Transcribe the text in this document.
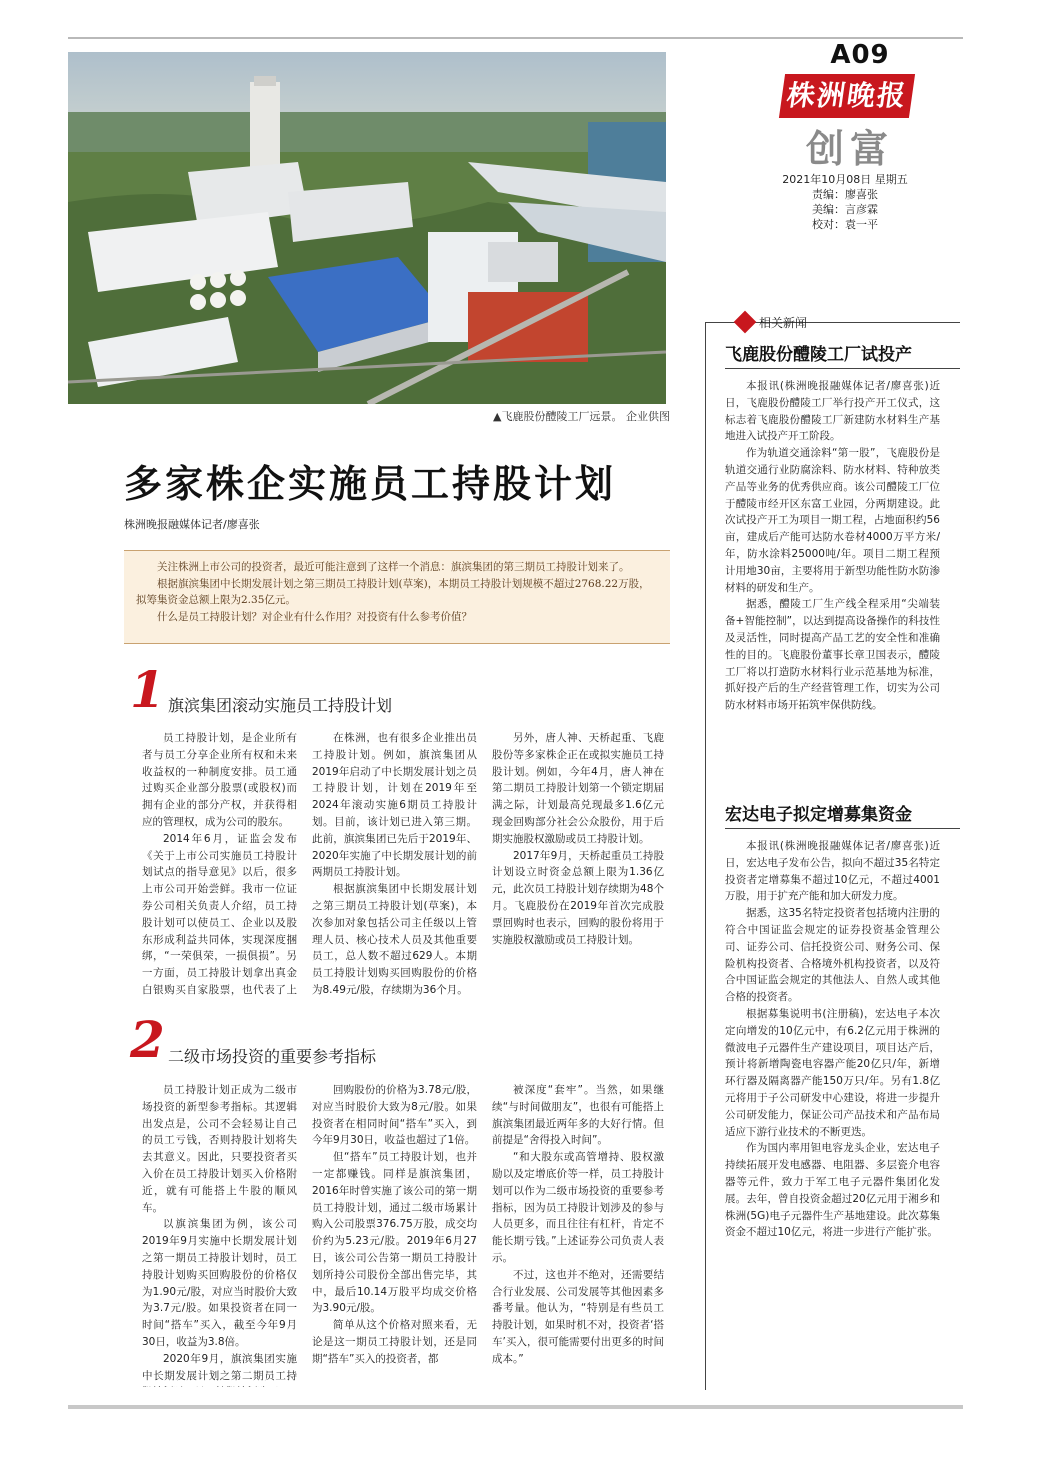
A09
株洲晚报
创富
2021年10月08日 星期五
责编：廖喜张
美编：言彦霖
校对：袁一平
▲飞鹿股份醴陵工厂远景。 企业供图
多家株企实施员工持股计划
株洲晚报融媒体记者/廖喜张

关注株洲上市公司的投资者，最近可能注意到了这样一个消息：旗滨集团的第三期员工持股计划来了。

根据旗滨集团中长期发展计划之第三期员工持股计划(草案)，本期员工持股计划规模不超过2768.22万股，拟筹集资金总额上限为2.35亿元。

什么是员工持股计划？对企业有什么作用？对投资有什么参考价值？

1 旗滨集团滚动实施员工持股计划

员工持股计划，是企业所有者与员工分享企业所有权和未来收益权的一种制度安排。员工通过购买企业部分股票(或股权)而拥有企业的部分产权，并获得相应的管理权，成为公司的股东。

2014年6月，证监会发布《关于上市公司实施员工持股计划试点的指导意见》以后，很多上市公司开始尝鲜。我市一位证券公司相关负责人介绍，员工持股计划可以使员工、企业以及股东形成利益共同体，实现深度捆绑，“一荣俱荣，一损俱损”。另一方面，员工持股计划拿出真金白银购买自家股票，也代表了上

在株洲，也有很多企业推出员工持股计划。例如，旗滨集团从2019年启动了中长期发展计划之员工持股计划，计划在2019年至2024年滚动实施6期员工持股计划。目前，该计划已进入第三期。此前，旗滨集团已先后于2019年、2020年实施了中长期发展计划的前两期员工持股计划。

根据旗滨集团中长期发展计划之第三期员工持股计划(草案)，本次参加对象包括公司主任级以上管理人员、核心技术人员及其他重要员工，总人数不超过629人。本期员工持股计划购买回购股份的价格为8.49元/股，存续期为36个月。

另外，唐人神、天桥起重、飞鹿股份等多家株企正在或拟实施员工持股计划。例如，今年4月，唐人神在第二期员工持股计划第一个锁定期届满之际，计划最高兑现最多1.6亿元现金回购部分社会公众股份，用于后期实施股权激励或员工持股计划。

2017年9月，天桥起重员工持股计划设立时资金总额上限为1.36亿元，此次员工持股计划存续期为48个月。飞鹿股份在2019年首次完成股票回购时也表示，回购的股份将用于实施股权激励或员工持股计划。

2 二级市场投资的重要参考指标

员工持股计划正成为二级市场投资的新型参考指标。其逻辑出发点是，公司不会轻易让自己的员工亏钱，否则持股计划将失去其意义。因此，只要投资者买入价在员工持股计划买入价格附近，就有可能搭上牛股的顺风车。

以旗滨集团为例，该公司2019年9月实施中长期发展计划之第一期员工持股计划时，员工持股计划购买回购股份的价格仅为1.90元/股，对应当时股价大致为3.7元/股。如果投资者在同一时间“搭车”买入，截至今年9月30日，收益为3.8倍。

2020年9月，旗滨集团实施中长期发展计划之第二期员工持

回购股份的价格为3.78元/股，对应当时股价大致为8元/股。如果投资者在相同时间“搭车”买入，到今年9月30日，收益也超过了1倍。

但“搭车”员工持股计划，也并一定都赚钱。同样是旗滨集团，2016年时曾实施了该公司的第一期员工持股计划，通过二级市场累计购入公司股票376.75万股，成交均价约为5.23元/股。2019年6月27日，该公司公告第一期员工持股计划所持公司股份全部出售完毕，其中，最后10.14万股平均成交价格为3.90元/股。

简单从这个价格对照来看，无论是这一期员工持股计划，还是同期“搭车”买入的投资者，都

被深度“套牢”。当然，如果继续“与时间做朋友”，也很有可能搭上旗滨集团最近两年多的大好行情。但前提是“舍得投入时间”。

“和大股东或高管增持、股权激励以及定增底价等一样，员工持股计划可以作为二级市场投资的重要参考指标，因为员工持股计划涉及的参与人员更多，而且往往有杠杆，肯定不能长期亏钱。”上述证券公司负责人表示。

不过，这也并不绝对，还需要结合行业发展、公司发展等其他因素多番考量。他认为，“特别是有些员工持股计划，如果时机不对，投资者‘搭车’买入，很可能需要付出更多的时间成本。”

相关新闻
飞鹿股份醴陵工厂试投产

本报讯(株洲晚报融媒体记者/廖喜张)近日，飞鹿股份醴陵工厂举行投产开工仪式，这标志着飞鹿股份醴陵工厂新建防水材料生产基地进入试投产开工阶段。

作为轨道交通涂料“第一股”，飞鹿股份是轨道交通行业防腐涂料、防水材料、特种放类产品等业务的优秀供应商。该公司醴陵工厂位于醴陵市经开区东富工业园，分两期建设。此次试投产开工为项目一期工程，占地面积约56亩，建成后产能可达防水卷材4000万平方米/年，防水涂料25000吨/年。项目二期工程预计用地30亩，主要将用于新型功能性防水防渗材料的研发和生产。

据悉，醴陵工厂生产线全程采用“尖端装备+智能控制”，以达到提高设备操作的科技性及灵活性，同时提高产品工艺的安全性和准确性的目的。飞鹿股份董事长章卫国表示，醴陵工厂将以打造防水材料行业示范基地为标准，抓好投产后的生产经营管理工作，切实为公司防水材料市场开拓筑牢保供防线。

宏达电子拟定增募集资金

本报讯(株洲晚报融媒体记者/廖喜张)近日，宏达电子发布公告，拟向不超过35名特定投资者定增募集不超过10亿元，不超过4001万股，用于扩充产能和加大研发力度。

据悉，这35名特定投资者包括境内注册的符合中国证监会规定的证券投资基金管理公司、证券公司、信托投资公司、财务公司、保险机构投资者、合格境外机构投资者，以及符合中国证监会规定的其他法人、自然人或其他合格的投资者。

根据募集说明书(注册稿)，宏达电子本次定向增发的10亿元中，有6.2亿元用于株洲的微波电子元器件生产建设项目，项目达产后，预计将新增陶瓷电容器产能20亿只/年，新增环行器及隔离器产能150万只/年。另有1.8亿元将用于子公司研发中心建设，将进一步提升公司研发能力，保证公司产品技术和产品布局适应下游行业技术的不断更迭。

作为国内率用钽电容龙头企业，宏达电子持续拓展开发电感器、电阻器、多层瓷介电容器等元件，致力于军工电子元器件集团化发展。去年，曾自投资金超过20亿元用于湘乡和株洲(5G)电子元器件生产基地建设。此次募集资金不超过10亿元，将进一步进行产能扩张。
